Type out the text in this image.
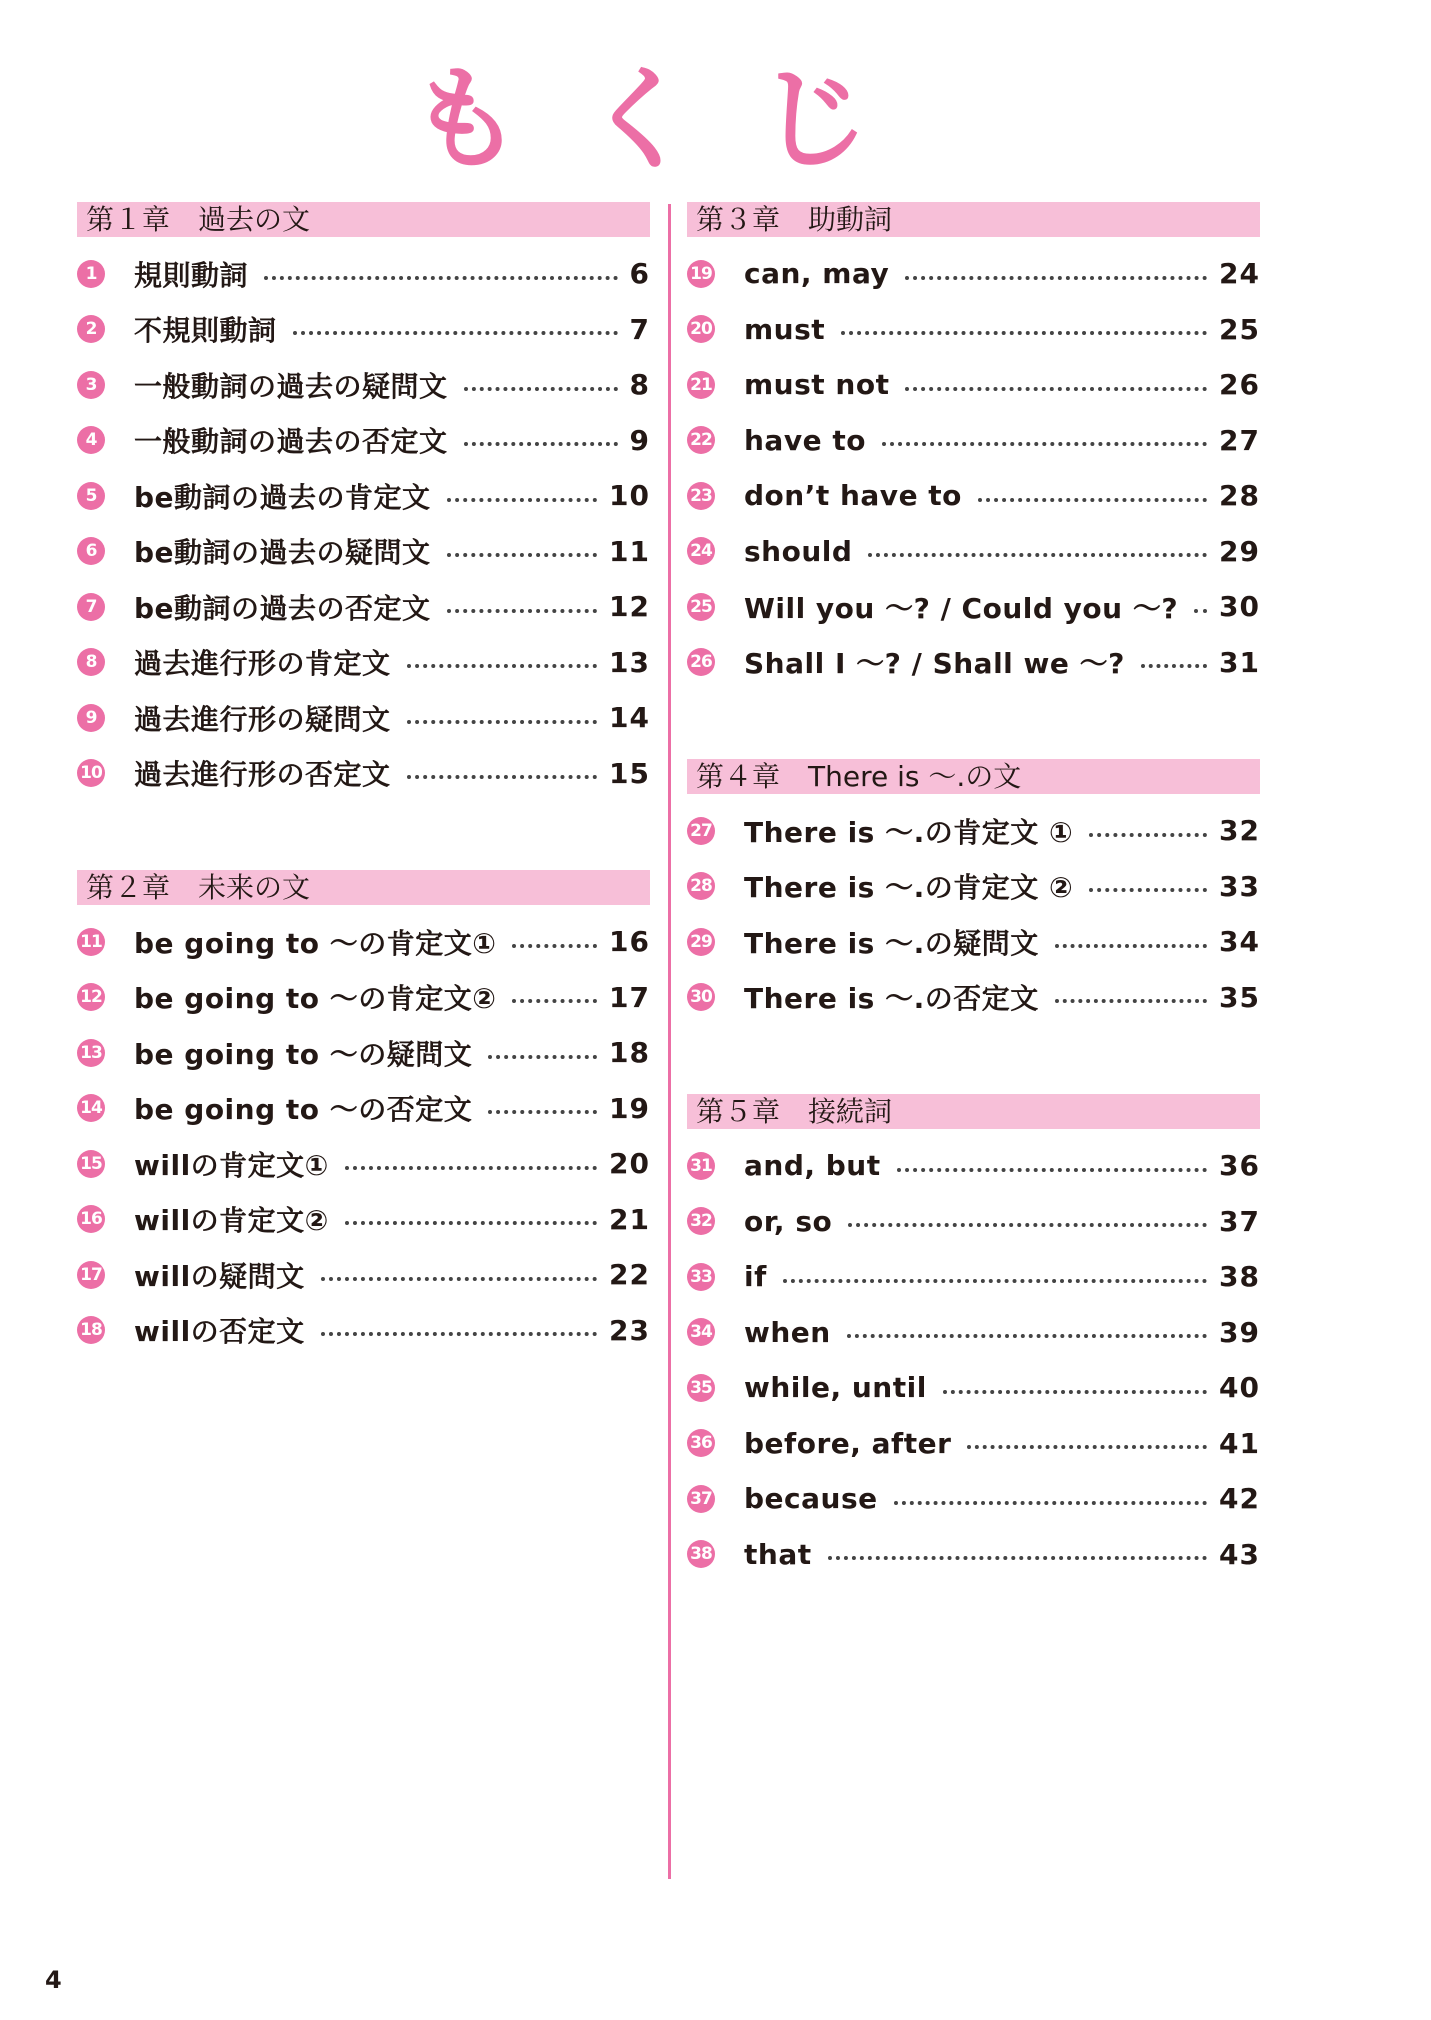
もくじ
第１章　過去の文
1	規則動詞	6
2	不規則動詞	7
3	一般動詞の過去の疑問文	8
4	一般動詞の過去の否定文	9
5	be動詞の過去の肯定文	10
6	be動詞の過去の疑問文	11
7	be動詞の過去の否定文	12
8	過去進行形の肯定文	13
9	過去進行形の疑問文	14
10 過去進行形の否定文	15
第２章　未来の文
11 be going to ～の肯定文①	16
12 be going to ～の肯定文②	17
13 be going to ～の疑問文	18
14 be going to ～の否定文	19
15 willの肯定文①	20
16 willの肯定文②	21
17 willの疑問文	22
18 willの否定文	23
第３章　助動詞
19 can, may	24
20 must	25
21 must not	26
22 have to	27
23 don’t have to	28
24 should	29
25 Will you ～? / Could you ～? 30
26 Shall I ～? / Shall we ～?	31
第４章　There is ～.の文
27 There is ～.の肯定文 ①	32
28 There is ～.の肯定文 ②	33
29 There is ～.の疑問文	34
30 There is ～.の否定文	35
第５章　接続詞
31 and, but	36
32 or, so	37
33 if	38
34 when	39
35 while, until	40
36 before, after	41
37 because	42
38 that	43
4
